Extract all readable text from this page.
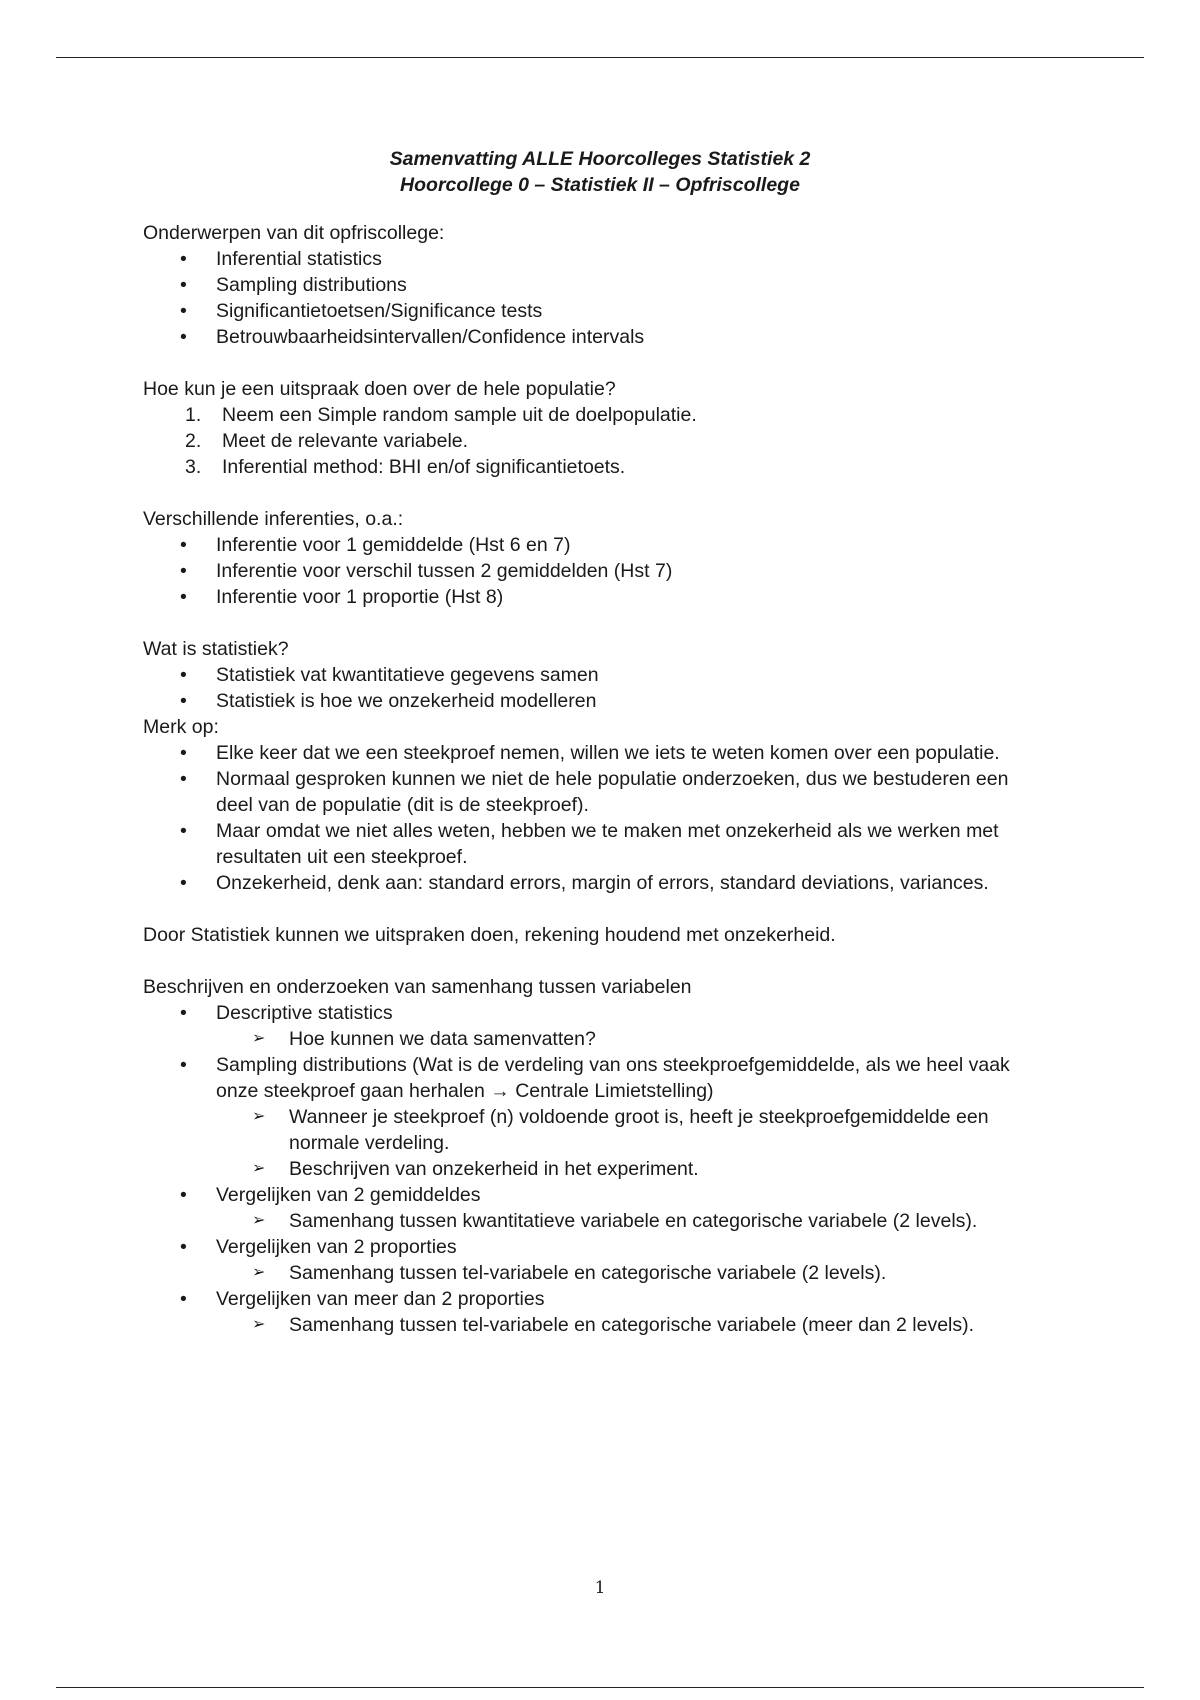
Samenvatting ALLE Hoorcolleges Statistiek 2
Hoorcollege 0 – Statistiek II – Opfriscollege

Onderwerpen van dit opfriscollege:

• Inferential statistics
• Sampling distributions
• Significantietoetsen/Significance tests
• Betrouwbaarheidsintervallen/Confidence intervals

Hoe kun je een uitspraak doen over de hele populatie?

1. Neem een Simple random sample uit de doelpopulatie.
2. Meet de relevante variabele.
3. Inferential method: BHI en/of significantietoets.

Verschillende inferenties, o.a.:

• Inferentie voor 1 gemiddelde (Hst 6 en 7)
• Inferentie voor verschil tussen 2 gemiddelden (Hst 7)
• Inferentie voor 1 proportie (Hst 8)

Wat is statistiek?

• Statistiek vat kwantitatieve gegevens samen
• Statistiek is hoe we onzekerheid modelleren

Merk op:

• Elke keer dat we een steekproef nemen, willen we iets te weten komen over een populatie.
• Normaal gesproken kunnen we niet de hele populatie onderzoeken, dus we bestuderen een deel van de populatie (dit is de steekproef).
• Maar omdat we niet alles weten, hebben we te maken met onzekerheid als we werken met resultaten uit een steekproef.
• Onzekerheid, denk aan: standard errors, margin of errors, standard deviations, variances.

Door Statistiek kunnen we uitspraken doen, rekening houdend met onzekerheid.

Beschrijven en onderzoeken van samenhang tussen variabelen

• Descriptive statistics
➢ Hoe kunnen we data samenvatten?
• Sampling distributions (Wat is de verdeling van ons steekproefgemiddelde, als we heel vaak onze steekproef gaan herhalen → Centrale Limietstelling)
➢ Wanneer je steekproef (n) voldoende groot is, heeft je steekproefgemiddelde een normale verdeling.
➢ Beschrijven van onzekerheid in het experiment.
• Vergelijken van 2 gemiddeldes
➢ Samenhang tussen kwantitatieve variabele en categorische variabele (2 levels).
• Vergelijken van 2 proporties
➢ Samenhang tussen tel-variabele en categorische variabele (2 levels).
• Vergelijken van meer dan 2 proporties
➢ Samenhang tussen tel-variabele en categorische variabele (meer dan 2 levels).
1
